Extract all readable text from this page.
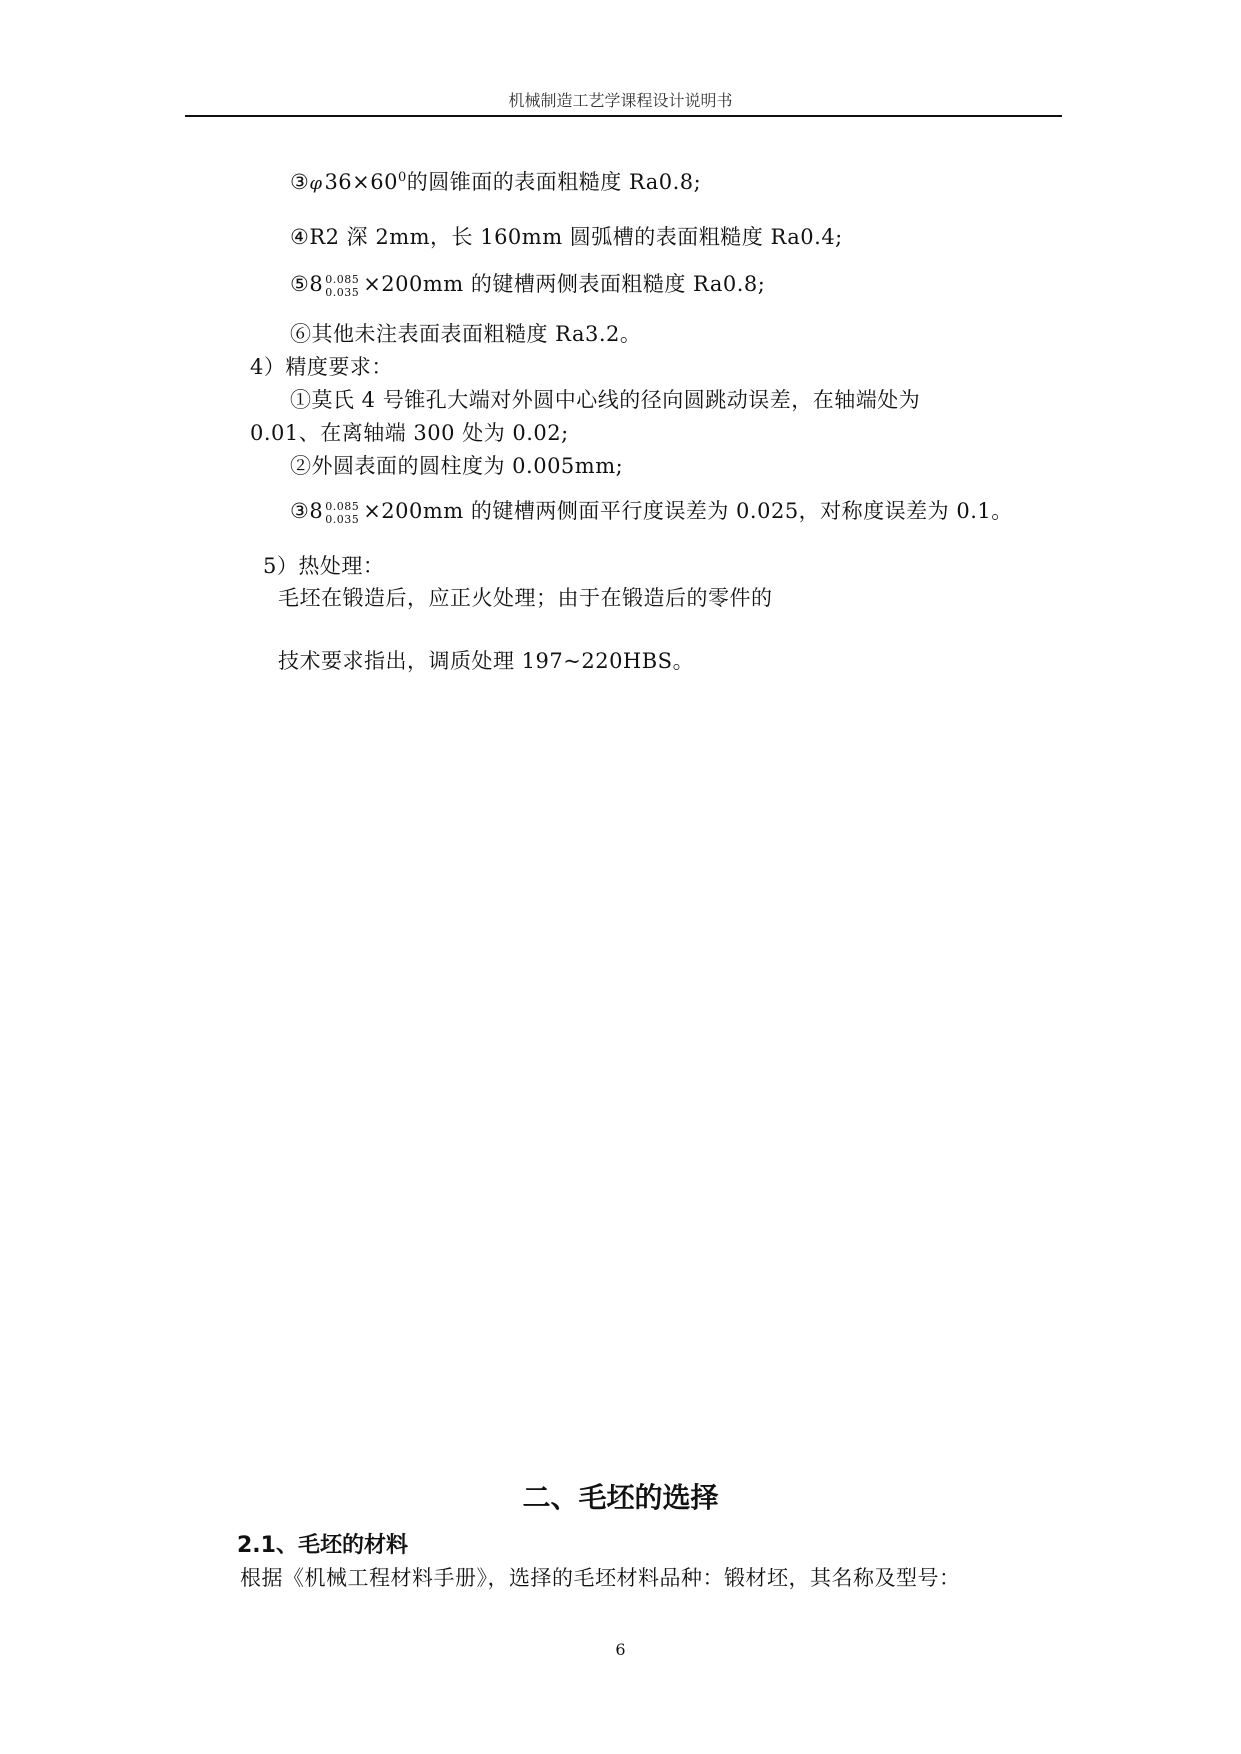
机械制造工艺学课程设计说明书
$③\varphi 36\times 60^0$的圆锥面的表面粗糙度 Ra0.8;
④R2 深 2mm，长 160mm 圆弧槽的表面粗糙度 Ra0.4;
⑤8 0.085
0.035 ×200mm 的键槽两侧表面粗糙度 Ra0.8;
⑥其他未注表面表面粗糙度 Ra3.2。
4）精度要求：
①莫氏 4 号锥孔大端对外圆中心线的径向圆跳动误差，在轴端处为
0.01、在离轴端 300 处为 0.02;
②外圆表面的圆柱度为 0.005mm;
③8 0.085
0.035 ×200mm 的键槽两侧面平行度误差为 0.025，对称度误差为 0.1。
5）热处理：
毛坯在锻造后，应正火处理；由于在锻造后的零件的
技术要求指出，调质处理 197~220HBS。
二、毛坯的选择
2.1、毛坯的材料
根据《机械工程材料手册》，选择的毛坯材料品种：锻材坯，其名称及型号：
6
